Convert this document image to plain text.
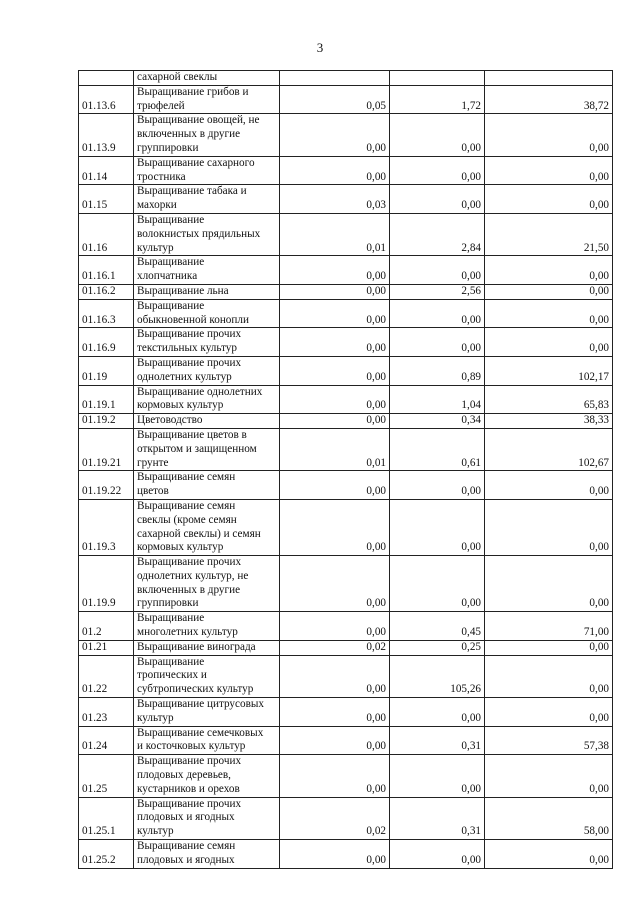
3
	сахарной свеклы			
01.13.6	Выращивание грибов и
трюфелей	0,05	1,72	38,72
01.13.9	Выращивание овощей, не
включенных в другие
группировки	0,00	0,00	0,00
01.14	Выращивание сахарного
тростника	0,00	0,00	0,00
01.15	Выращивание табака и
махорки	0,03	0,00	0,00
01.16	Выращивание
волокнистых прядильных
культур	0,01	2,84	21,50
01.16.1	Выращивание
хлопчатника	0,00	0,00	0,00
01.16.2	Выращивание льна	0,00	2,56	0,00
01.16.3	Выращивание
обыкновенной конопли	0,00	0,00	0,00
01.16.9	Выращивание прочих
текстильных культур	0,00	0,00	0,00
01.19	Выращивание прочих
однолетних культур	0,00	0,89	102,17
01.19.1	Выращивание однолетних
кормовых культур	0,00	1,04	65,83
01.19.2	Цветоводство	0,00	0,34	38,33
01.19.21	Выращивание цветов в
открытом и защищенном
грунте	0,01	0,61	102,67
01.19.22	Выращивание семян
цветов	0,00	0,00	0,00
01.19.3	Выращивание семян
свеклы (кроме семян
сахарной свеклы) и семян
кормовых культур	0,00	0,00	0,00
01.19.9	Выращивание прочих
однолетних культур, не
включенных в другие
группировки	0,00	0,00	0,00
01.2	Выращивание
многолетних культур	0,00	0,45	71,00
01.21	Выращивание винограда	0,02	0,25	0,00
01.22	Выращивание
тропических и
субтропических культур	0,00	105,26	0,00
01.23	Выращивание цитрусовых
культур	0,00	0,00	0,00
01.24	Выращивание семечковых
и косточковых культур	0,00	0,31	57,38
01.25	Выращивание прочих
плодовых деревьев,
кустарников и орехов	0,00	0,00	0,00
01.25.1	Выращивание прочих
плодовых и ягодных
культур	0,02	0,31	58,00
01.25.2	Выращивание семян
плодовых и ягодных	0,00	0,00	0,00
